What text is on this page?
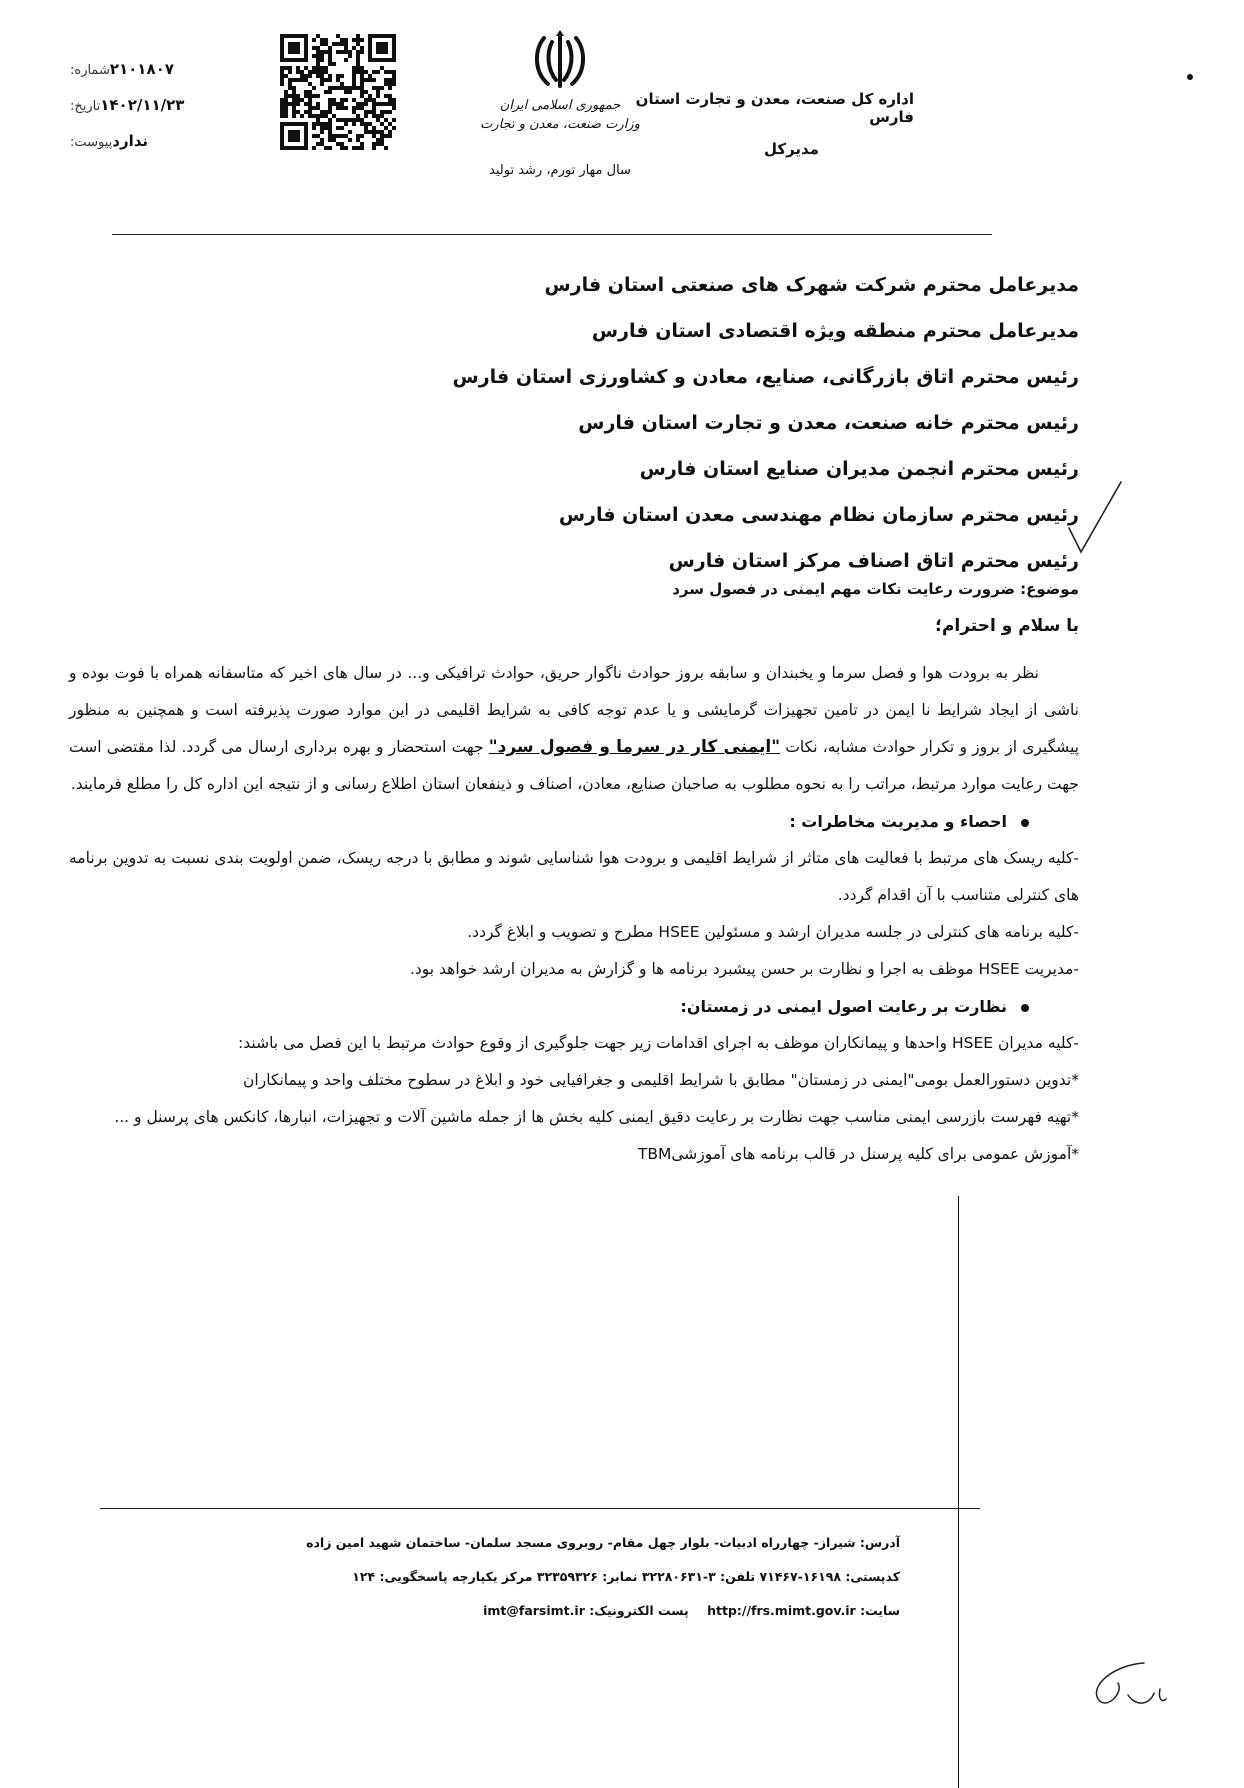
اداره کل صنعت، معدن و تجارت استان فارس
مدیرکل
جمهوری اسلامی ایران
وزارت صنعت، معدن و تجارت
سال مهار تورم، رشد تولید
شماره: ۲۱۰۱۸۰۷
تاریخ: ۱۴۰۲/۱۱/۲۳
پیوست: ندارد
مدیرعامل محترم شرکت شهرک های صنعتی استان فارس
مدیرعامل محترم منطقه ویژه اقتصادی استان فارس
رئیس محترم اتاق بازرگانی، صنایع، معادن و کشاورزی استان فارس
رئیس محترم خانه صنعت، معدن و تجارت استان فارس
رئیس محترم انجمن مدیران صنایع استان فارس
رئیس محترم سازمان نظام مهندسی معدن استان فارس
رئیس محترم اتاق اصناف مرکز استان فارس
موضوع: ضرورت رعایت نکات مهم ایمنی در فصول سرد
با سلام و احترام؛

نظر به برودت هوا و فصل سرما و یخبندان و سابقه بروز حوادث ناگوار حریق، حوادث ترافیکی و... در سال های اخیر که متاسفانه همراه با فوت بوده و ناشی از ایجاد شرایط نا ایمن در تامین تجهیزات گرمایشی و یا عدم توجه کافی به شرایط اقلیمی در این موارد صورت پذیرفته است و همچنین به منظور پیشگیری از بروز و تکرار حوادث مشابه، نکات "ایمنی کار در سرما و فصول سرد" جهت استحضار و بهره برداری ارسال می گردد. لذا مقتضی است جهت رعایت موارد مرتبط، مراتب را به نحوه مطلوب به صاحبان صنایع، معادن، اصناف و ذینفعان استان اطلاع رسانی و از نتیجه این اداره کل را مطلع فرمایند.

احصاء و مدیریت مخاطرات :

-کلیه ریسک های مرتبط با فعالیت های متاثر از شرایط اقلیمی و برودت هوا شناسایی شوند و مطابق با درجه ریسک، ضمن اولویت بندی نسبت به تدوین برنامه های کنترلی متناسب با آن اقدام گردد.

-کلیه برنامه های کنترلی در جلسه مدیران ارشد و مسئولین HSEE مطرح و تصویب و ابلاغ گردد.

-مدیریت HSEE موظف به اجرا و نظارت بر حسن پیشبرد برنامه ها و گزارش به مدیران ارشد خواهد بود.

نظارت بر رعایت اصول ایمنی در زمستان:

-کلیه مدیران HSEE واحدها و پیمانکاران موظف به اجرای اقدامات زیر جهت جلوگیری از وقوع حوادث مرتبط با این فصل می باشند:

*تدوین دستورالعمل بومی"ایمنی در زمستان" مطابق با شرایط اقلیمی و جغرافیایی خود و ابلاغ در سطوح مختلف واحد و پیمانکاران

*تهیه فهرست بازرسی ایمنی مناسب جهت نظارت بر رعایت دقیق ایمنی کلیه بخش ها از جمله ماشین آلات و تجهیزات، انبارها، کانکس های پرسنل و ...

*آموزش عمومی برای کلیه پرسنل در قالب برنامه های آموزشیTBM

آدرس: شیراز- چهارراه ادبیات- بلوار چهل مقام- روبروی مسجد سلمان- ساختمان شهید امین زاده
کدپستی: ۱۶۱۹۸-۷۱۴۶۷ تلفن: ۳-۳۲۲۸۰۶۳۱ نمابر: ۳۲۳۵۹۳۲۶ مرکز یکپارچه پاسخگویی: ۱۲۴
سایت: http://frs.mimt.gov.ir پست الکترونیک: imt@farsimt.ir
